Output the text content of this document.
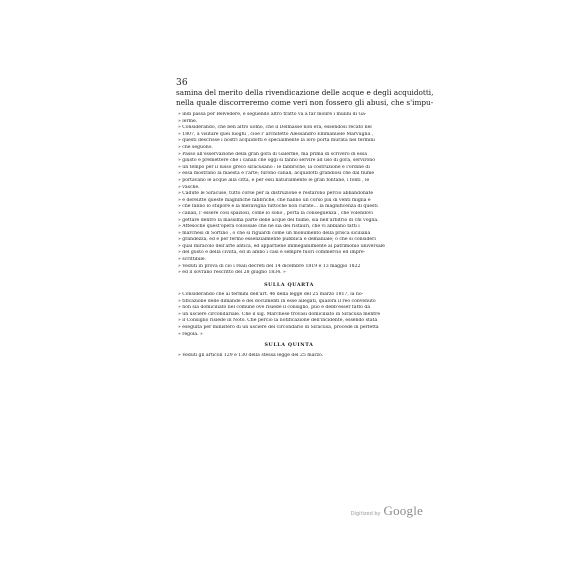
36
samina del merito della rivendicazione delle acque e degli acquidotti,
nella quale discorreremo come veri non fossero gli abusi, che s'impu-
» indi passa per Belvedere, e seguendo altro tratto va a far molire i mulini di Ga-
» lerme.
» Considerando, che ben altro uomo, che il Delmasse non era, essendosi recato nel
» 1807, a visitare quei luoghi , cioè l' architetto Alessandro Emmanuele Marvuglia ,
» questi descrisse i nostri acquidotti e specialmente la loro porta murata nei termini
» che seguono.
» Passò all'osservazione della gran gora di Galerme, ma prima di scrivero di essa
» giusto è premettere che i canali che oggi si fanno servire ad uso di gora, servirono
» un tempo per il lusso greco siracusano : le fabbriche, la costruzione e l'ordine di
» essa mostrano la maestà e l'arte; furono canali, acquidotti grandiosi che dal fiume
» portavano le acque alla città, e per essi naturalmente le gran fontane, i fonti , le
» vasche.
» Cadute le Siracuse, tutto corse per la distruzione e restarono perciò abbandonate
» e derelitte queste magnifiche fabbriche, che hanno un corso più di venti miglia e
» che fanno lo stupore e la meraviglia tuttochè non curate... la magnificenza di questi
» canali, l' essere così spaziosi, come lo sono , porta la conseguenza , che volendovi
» gettare dentro la massima parte delle acque del fiume, sia nell'arbitrio di chi voglia.
» Attesochè quest'opera colossale che ne sia dei ristauri, che vi abbiano fatti i
» marchesi di Sortino , o che si riguardi come un monumento della prisca siciliana
» grandezza, ed è per fermo essenzialmente pubblica e demaniale; o che si consideri
» qual miracolo dell'arte antica, ed appartiene immegabilmente al patrimonio universale
» del gusto e della civiltà, ed in ambo i casi è sempre fuori commercio ed impre-
» scrittibile.
» Veduti in prova di ciò i reali decreti del 14 dicembre 1819 e 13 maggio 1822
» ed il sovrano rescritto del 28 giugno 1834. »
SULLA QUARTA
» Considerando che ai termini dell'art. 46 della legge del 25 marzo 1817, la no-
» tificazione delle dimande e dei documenti in esse allegati, qualora il reo convenuto
» non sia domiciliato nel comune ove risiede il consiglio, può e debb'esser fatto da
» un usciere circondariale. Che il sig. Marchese trovasi domiciliato in Siracusa mentre
» il Consiglio risiede in Noto. Che perciò la notificazione dell'incidente, essendo stata
» eseguita per ministero di un usciere del circondario di Siracusa, procede in perfetta
» regola. »
SULLA QUINTA
» Veduti gli articoli 129 e 130 della stessa legge del 25 marzo.
Digitized by Google
